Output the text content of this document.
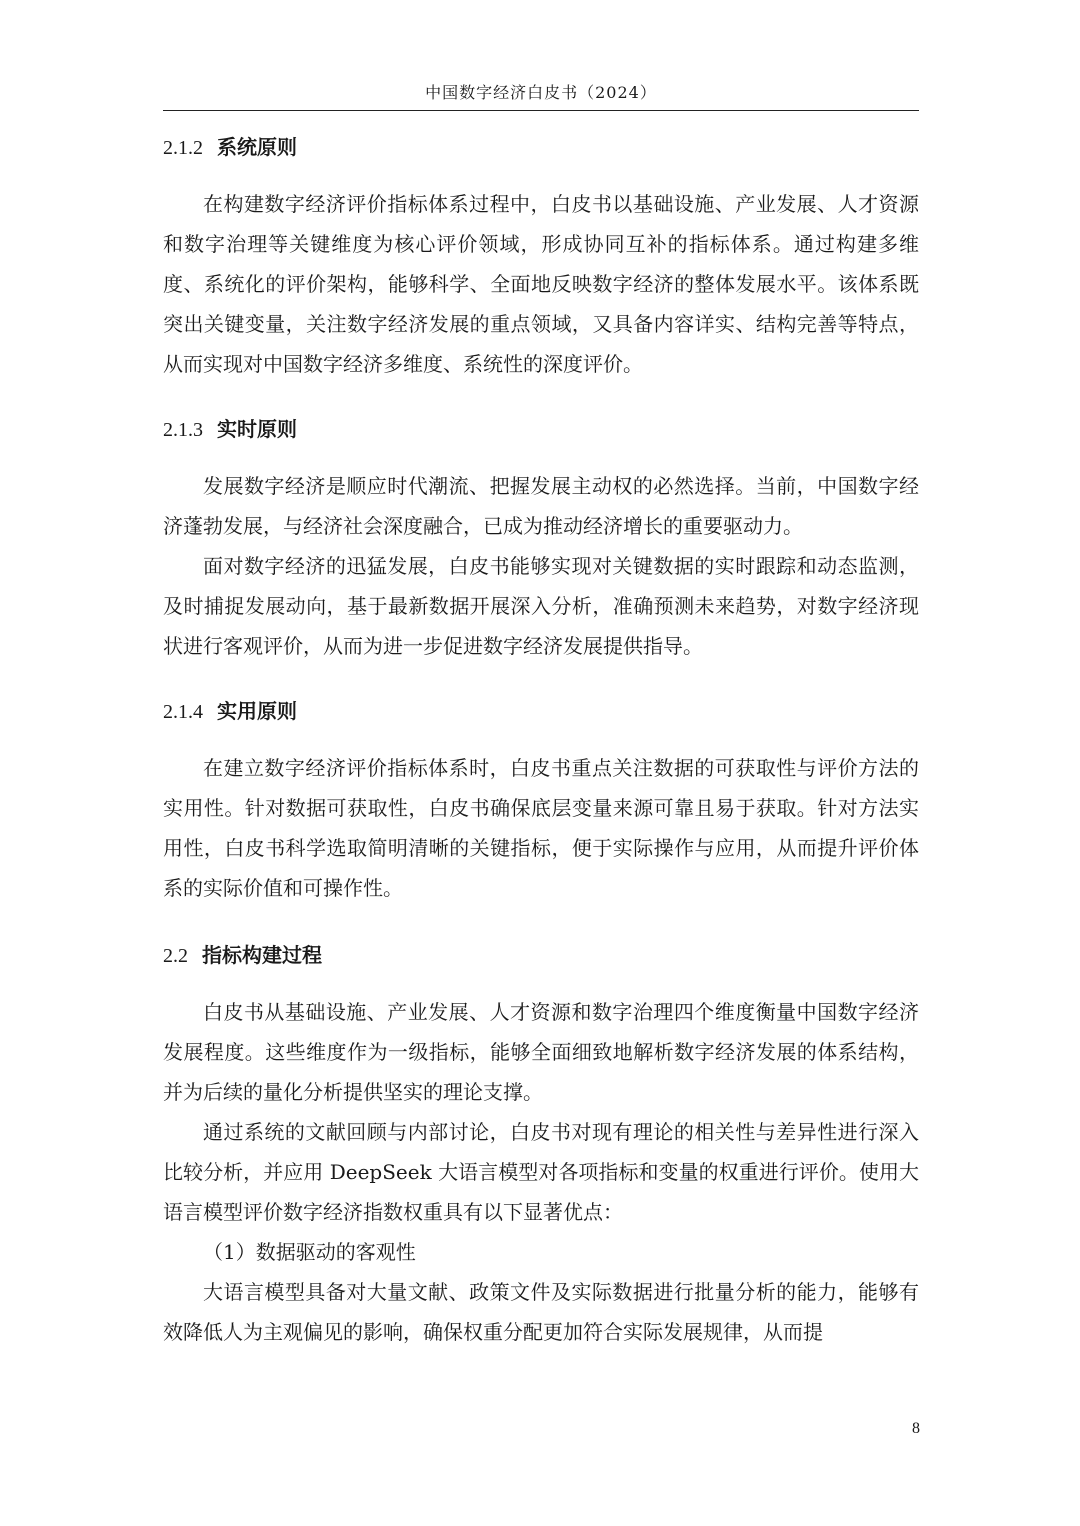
中国数字经济白皮书（2024）
2.1.2 系统原则

在构建数字经济评价指标体系过程中，白皮书以基础设施、产业发展、人才资源和数字治理等关键维度为核心评价领域，形成协同互补的指标体系。通过构建多维度、系统化的评价架构，能够科学、全面地反映数字经济的整体发展水平。该体系既突出关键变量，关注数字经济发展的重点领域，又具备内容详实、结构完善等特点，从而实现对中国数字经济多维度、系统性的深度评价。

2.1.3 实时原则

发展数字经济是顺应时代潮流、把握发展主动权的必然选择。当前，中国数字经济蓬勃发展，与经济社会深度融合，已成为推动经济增长的重要驱动力。

面对数字经济的迅猛发展，白皮书能够实现对关键数据的实时跟踪和动态监测，及时捕捉发展动向，基于最新数据开展深入分析，准确预测未来趋势，对数字经济现状进行客观评价，从而为进一步促进数字经济发展提供指导。

2.1.4 实用原则

在建立数字经济评价指标体系时，白皮书重点关注数据的可获取性与评价方法的实用性。针对数据可获取性，白皮书确保底层变量来源可靠且易于获取。针对方法实用性，白皮书科学选取简明清晰的关键指标，便于实际操作与应用，从而提升评价体系的实际价值和可操作性。

2.2 指标构建过程

白皮书从基础设施、产业发展、人才资源和数字治理四个维度衡量中国数字经济发展程度。这些维度作为一级指标，能够全面细致地解析数字经济发展的体系结构，并为后续的量化分析提供坚实的理论支撑。

通过系统的文献回顾与内部讨论，白皮书对现有理论的相关性与差异性进行深入比较分析，并应用 DeepSeek 大语言模型对各项指标和变量的权重进行评价。使用大语言模型评价数字经济指数权重具有以下显著优点：

（1）数据驱动的客观性

大语言模型具备对大量文献、政策文件及实际数据进行批量分析的能力，能够有效降低人为主观偏见的影响，确保权重分配更加符合实际发展规律，从而提

8
